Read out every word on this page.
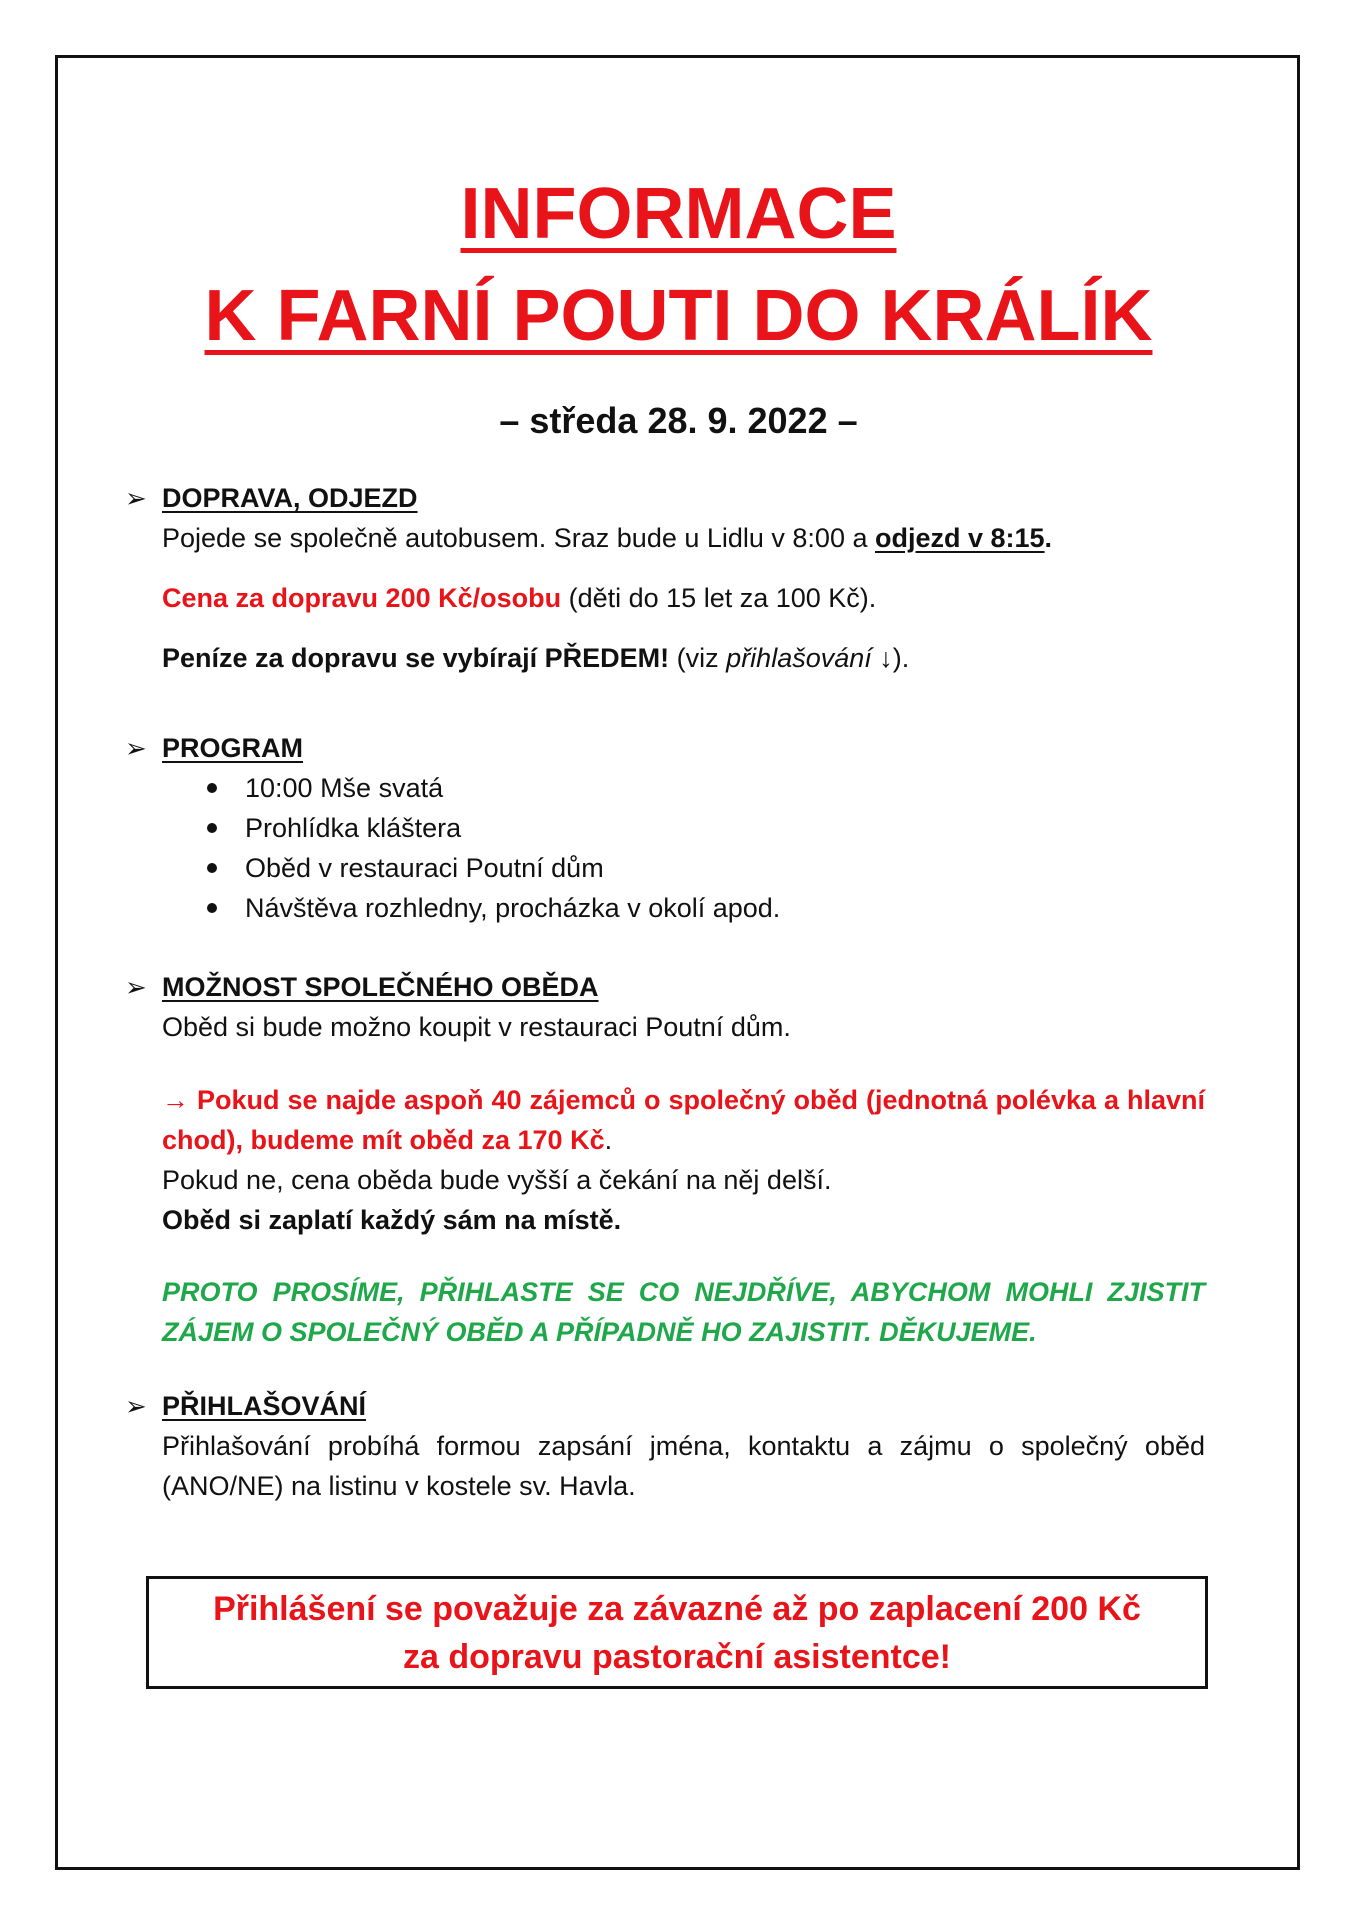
INFORMACE
K FARNÍ POUTI DO KRÁLÍK
– středa 28. 9. 2022 –
➢ DOPRAVA, ODJEZD

Pojede se společně autobusem. Sraz bude u Lidlu v 8:00 a odjezd v 8:15.

Cena za dopravu 200 Kč/osobu (děti do 15 let za 100 Kč).

Peníze za dopravu se vybírají PŘEDEM! (viz přihlašování ↓).

➢ PROGRAM
10:00 Mše svatá
Prohlídka kláštera
Oběd v restauraci Poutní dům
Návštěva rozhledny, procházka v okolí apod.
➢ MOŽNOST SPOLEČNÉHO OBĚDA

Oběd si bude možno koupit v restauraci Poutní dům.

→ Pokud se najde aspoň 40 zájemců o společný oběd (jednotná polévka a hlavní chod), budeme mít oběd za 170 Kč.

Pokud ne, cena oběda bude vyšší a čekání na něj delší.

Oběd si zaplatí každý sám na místě.

PROTO PROSÍME, PŘIHLASTE SE CO NEJDŘÍVE, ABYCHOM MOHLI ZJISTIT ZÁJEM O SPOLEČNÝ OBĚD A PŘÍPADNĚ HO ZAJISTIT. DĚKUJEME.

➢ PŘIHLAŠOVÁNÍ

Přihlašování probíhá formou zapsání jména, kontaktu a zájmu o společný oběd (ANO/NE) na listinu v kostele sv. Havla.

Přihlášení se považuje za závazné až po zaplacení 200 Kč
za dopravu pastorační asistentce!
